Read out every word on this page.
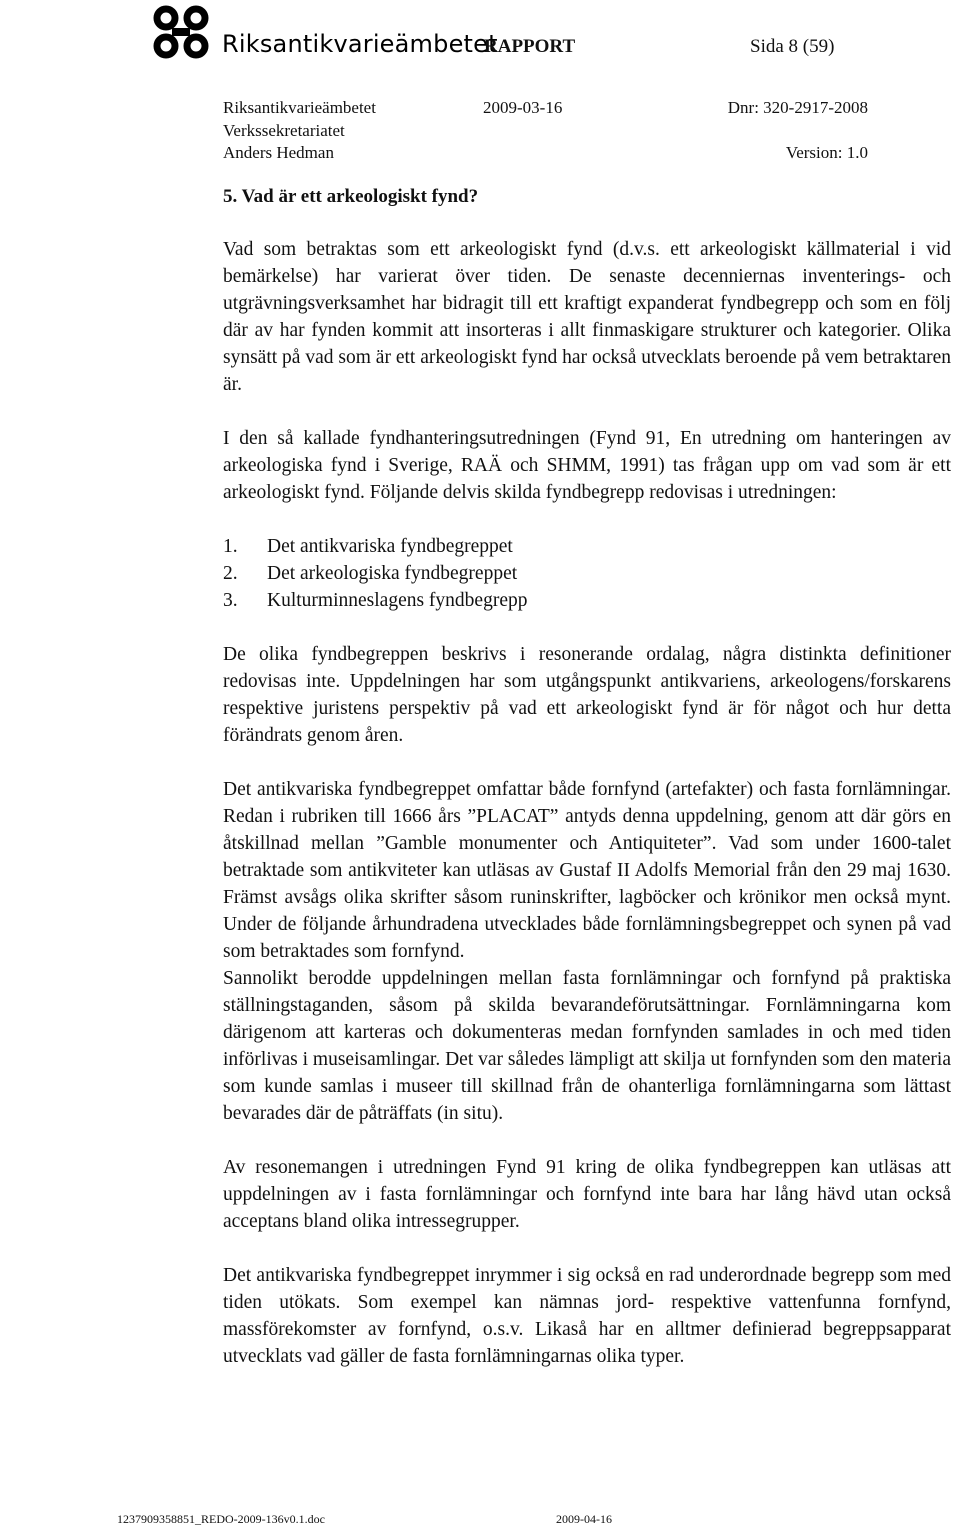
Riksantikvarieämbetet
RAPPORT	Sida 8 (59)
Riksantikvarieämbetet	2009-03-16	Dnr: 320-2917-2008
Verkssekretariatet
Anders Hedman	Version: 1.0
5. Vad är ett arkeologiskt fynd?

Vad som betraktas som ett arkeologiskt fynd (d.v.s. ett arkeologiskt källmaterial i vid bemärkelse) har varierat över tiden. De senaste decenniernas inventerings- och utgrävningsverksamhet har bidragit till ett kraftigt expanderat fyndbegrepp och som en följ där av har fynden kommit att insorteras i allt finmaskigare strukturer och kategorier. Olika synsätt på vad som är ett arkeologiskt fynd har också utvecklats beroende på vem betraktaren är.

I den så kallade fyndhanteringsutredningen (Fynd 91, En utredning om hanteringen av arkeologiska fynd i Sverige, RAÄ och SHMM, 1991) tas frågan upp om vad som är ett arkeologiskt fynd. Följande delvis skilda fyndbegrepp redovisas i utredningen:

1.	Det antikvariska fyndbegreppet
2.	Det arkeologiska fyndbegreppet
3.	Kulturminneslagens fyndbegrepp

De olika fyndbegreppen beskrivs i resonerande ordalag, några distinkta definitioner redovisas inte. Uppdelningen har som utgångspunkt antikvariens, arkeologens/forskarens respektive juristens perspektiv på vad ett arkeologiskt fynd är för något och hur detta förändrats genom åren.

Det antikvariska fyndbegreppet omfattar både fornfynd (artefakter) och fasta fornlämningar. Redan i rubriken till 1666 års ”PLACAT” antyds denna uppdelning, genom att där görs en åtskillnad mellan ”Gamble monumenter och Antiquiteter”. Vad som under 1600-talet betraktade som antikviteter kan utläsas av Gustaf II Adolfs Memorial från den 29 maj 1630. Främst avsågs olika skrifter såsom runinskrifter, lagböcker och krönikor men också mynt. Under de följande århundradena utvecklades både fornlämningsbegreppet och synen på vad som betraktades som fornfynd.

Sannolikt berodde uppdelningen mellan fasta fornlämningar och fornfynd på praktiska ställningstaganden, såsom på skilda bevarandeförutsättningar. Fornlämningarna kom därigenom att karteras och dokumenteras medan fornfynden samlades in och med tiden införlivas i museisamlingar. Det var således lämpligt att skilja ut fornfynden som den materia som kunde samlas i museer till skillnad från de ohanterliga fornlämningarna som lättast bevarades där de påträffats (in situ).

Av resonemangen i utredningen Fynd 91 kring de olika fyndbegreppen kan utläsas att uppdelningen av i fasta fornlämningar och fornfynd inte bara har lång hävd utan också acceptans bland olika intressegrupper.

Det antikvariska fyndbegreppet inrymmer i sig också en rad underordnade begrepp som med tiden utökats. Som exempel kan nämnas jord- respektive vattenfunna fornfynd, massförekomster av fornfynd, o.s.v. Likaså har en alltmer definierad begreppsapparat utvecklats vad gäller de fasta fornlämningarnas olika typer.

1237909358851_REDO-2009-136v0.1.doc	2009-04-16
